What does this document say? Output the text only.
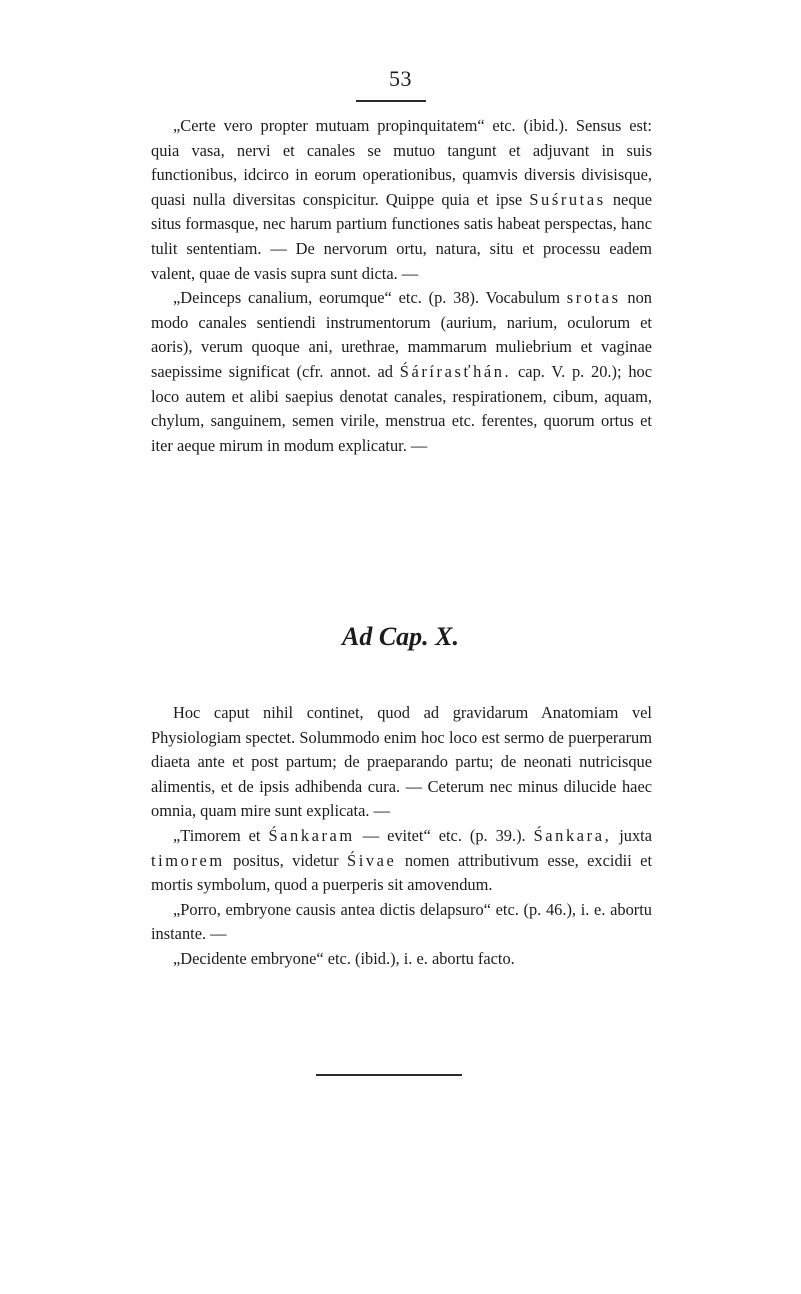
53

„Certe vero propter mutuam propinquitatem“ etc. (ibid.). Sensus est: quia vasa, nervi et canales se mutuo tangunt et adjuvant in suis functionibus, idcirco in eorum operationibus, quamvis diversis divisisque, quasi nulla diversitas conspicitur. Quippe quia et ipse Suśrutas neque situs formasque, nec harum partium functiones satis habeat perspectas, hanc tulit sententiam. — De nervorum ortu, natura, situ et processu eadem valent, quae de vasis supra sunt dicta. —

„Deinceps canalium, eorumque“ etc. (p. 38). Vocabulum srotas non modo canales sentiendi instrumentorum (aurium, narium, oculorum et aoris), verum quoque ani, urethrae, mammarum muliebrium et vaginae saepissime significat (cfr. annot. ad Śárírasťhán. cap. V. p. 20.); hoc loco autem et alibi saepius denotat canales, respirationem, cibum, aquam, chylum, sanguinem, semen virile, menstrua etc. ferentes, quorum ortus et iter aeque mirum in modum explicatur. —

Ad Cap. X.

Hoc caput nihil continet, quod ad gravidarum Anatomiam vel Physiologiam spectet. Solummodo enim hoc loco est sermo de puerperarum diaeta ante et post partum; de praeparando partu; de neonati nutricisque alimentis, et de ipsis adhibenda cura. — Ceterum nec minus dilucide haec omnia, quam mire sunt explicata. —

„Timorem et Śankaram — evitet“ etc. (p. 39.). Śankara, juxta timorem positus, videtur Śivae nomen attributivum esse, excidii et mortis symbolum, quod a puerperis sit amovendum.

„Porro, embryone causis antea dictis delapsuro“ etc. (p. 46.), i. e. abortu instante. —

„Decidente embryone“ etc. (ibid.), i. e. abortu facto.
